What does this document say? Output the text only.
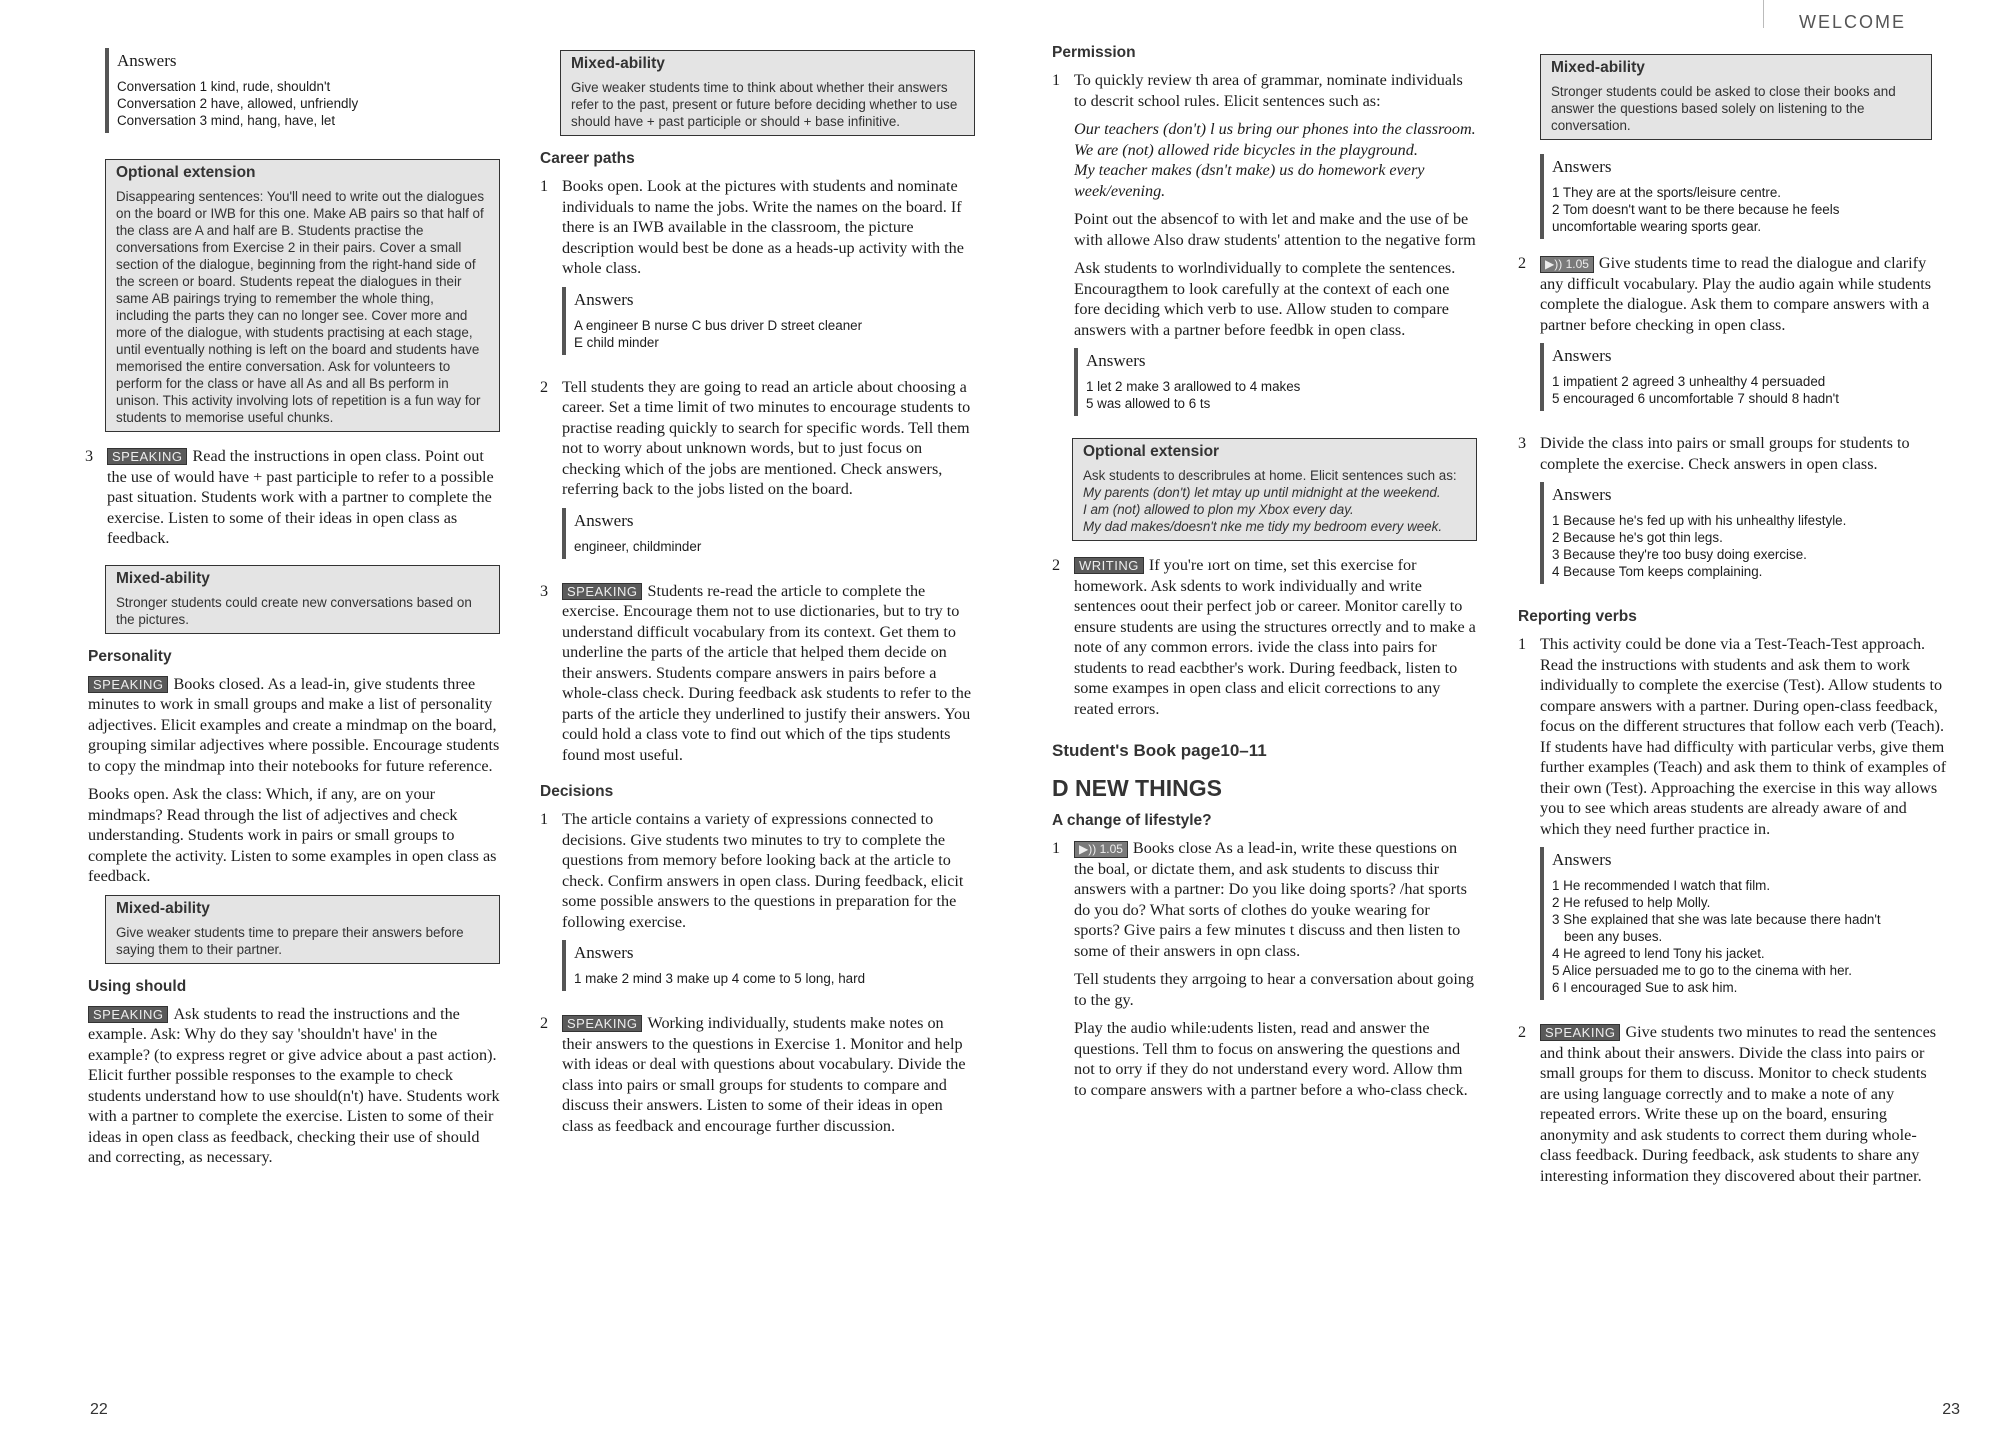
WELCOME
Answers
Conversation 1 kind, rude, shouldn't
Conversation 2 have, allowed, unfriendly
Conversation 3 mind, hang, have, let
Optional extension

Disappearing sentences: You'll need to write out the dialogues on the board or IWB for this one. Make AB pairs so that half of the class are A and half are B. Students practise the conversations from Exercise 2 in their pairs. Cover a small section of the dialogue, beginning from the right-hand side of the screen or board. Students repeat the dialogues in their same AB pairings trying to remember the whole thing, including the parts they can no longer see. Cover more and more of the dialogue, with students practising at each stage, until eventually nothing is left on the board and students have memorised the entire conversation. Ask for volunteers to perform for the class or have all As and all Bs perform in unison. This activity involving lots of repetition is a fun way for students to memorise useful chunks.

3	SPEAKING Read the instructions in open class. Point out the use of would have + past participle to refer to a possible past situation. Students work with a partner to complete the exercise. Listen to some of their ideas in open class as feedback.

Mixed-ability

Stronger students could create new conversations based on the pictures.

Personality

SPEAKING Books closed. As a lead-in, give students three minutes to work in small groups and make a list of personality adjectives. Elicit examples and create a mindmap on the board, grouping similar adjectives where possible. Encourage students to copy the mindmap into their notebooks for future reference.

Books open. Ask the class: Which, if any, are on your mindmaps? Read through the list of adjectives and check understanding. Students work in pairs or small groups to complete the activity. Listen to some examples in open class as feedback.

Mixed-ability

Give weaker students time to prepare their answers before saying them to their partner.

Using should

SPEAKING Ask students to read the instructions and the example. Ask: Why do they say 'shouldn't have' in the example? (to express regret or give advice about a past action). Elicit further possible responses to the example to check students understand how to use should(n't) have. Students work with a partner to complete the exercise. Listen to some of their ideas in open class as feedback, checking their use of should and correcting, as necessary.

Mixed-ability

Give weaker students time to think about whether their answers refer to the past, present or future before deciding whether to use should have + past participle or should + base infinitive.

Career paths
1 Books open. Look at the pictures with students and nominate individuals to name the jobs. Write the names on the board. If there is an IWB available in the classroom, the picture description would best be done as a heads-up activity with the whole class.

Answers
A engineer B nurse C bus driver D street cleaner
E child minder
2 Tell students they are going to read an article about choosing a career. Set a time limit of two minutes to encourage students to practise reading quickly to search for specific words. Tell them not to worry about unknown words, but to just focus on checking which of the jobs are mentioned. Check answers, referring back to the jobs listed on the board.

Answers
engineer, childminder
3	SPEAKING Students re-read the article to complete the exercise. Encourage them not to use dictionaries, but to try to understand difficult vocabulary from its context. Get them to underline the parts of the article that helped them decide on their answers. Students compare answers in pairs before a whole-class check. During feedback ask students to refer to the parts of the article they underlined to justify their answers. You could hold a class vote to find out which of the tips students found most useful.

Decisions
1 The article contains a variety of expressions connected to decisions. Give students two minutes to try to complete the questions from memory before looking back at the article to check. Confirm answers in open class. During feedback, elicit some possible answers to the questions in preparation for the following exercise.

Answers
1 make 2 mind 3 make up 4 come to 5 long, hard
2	SPEAKING Working individually, students make notes on their answers to the questions in Exercise 1. Monitor and help with ideas or deal with questions about vocabulary. Divide the class into pairs or small groups for students to compare and discuss their answers. Listen to some of their ideas in open class as feedback and encourage further discussion.

Permission
1 To quickly review th area of grammar, nominate individuals to descrit school rules. Elicit sentences such as:

Our teachers (don't) l us bring our phones into the classroom.

We are (not) allowed ride bicycles in the playground.

My teacher makes (dsn't make) us do homework every week/evening.

Point out the absencof to with let and make and the use of be with allowe Also draw students' attention to the negative form

Ask students to worlndividually to complete the sentences. Encouragthem to look carefully at the context of each one fore deciding which verb to use. Allow studen to compare answers with a partner before feedbk in open class.

Answers
1 let 2 make 3 arallowed to 4 makes
5 was allowed to 6 ts
Optional extensior

Ask students to describrules at home. Elicit sentences such as:

My parents (don't) let mtay up until midnight at the weekend.

I am (not) allowed to plon my Xbox every day.

My dad makes/doesn't nke me tidy my bedroom every week.

2	WRITING If you're ıort on time, set this exercise for homework. Ask sdents to work individually and write sentences oout their perfect job or career. Monitor carelly to ensure students are using the structures orrectly and to make a note of any common errors. ivide the class into pairs for students to read eacbther's work. During feedback, listen to some exampes in open class and elicit corrections to any reated errors.

Student's Book page10–11
D NEW THINGS
A change of lifestyle?
1	▶)) 1.05 Books close As a lead-in, write these questions on the boal, or dictate them, and ask students to discuss thir answers with a partner: Do you like doing sports? /hat sports do you do? What sorts of clothes do youke wearing for sports? Give pairs a few minutes t discuss and then listen to some of their answers in opn class.

Tell students they arrgoing to hear a conversation about going to the gy.

Play the audio while:udents listen, read and answer the questions. Tell thm to focus on answering the questions and not to orry if they do not understand every word. Allow thm to compare answers with a partner before a who-class check.

Mixed-ability

Stronger students could be asked to close their books and answer the questions based solely on listening to the conversation.

Answers
1 They are at the sports/leisure centre.
2 Tom doesn't want to be there because he feels
uncomfortable wearing sports gear.
2	▶)) 1.05 Give students time to read the dialogue and clarify any difficult vocabulary. Play the audio again while students complete the dialogue. Ask them to compare answers with a partner before checking in open class.

Answers
1 impatient 2 agreed 3 unhealthy 4 persuaded
5 encouraged 6 uncomfortable 7 should 8 hadn't
3 Divide the class into pairs or small groups for students to complete the exercise. Check answers in open class.

Answers
1 Because he's fed up with his unhealthy lifestyle.
2 Because he's got thin legs.
3 Because they're too busy doing exercise.
4 Because Tom keeps complaining.
Reporting verbs
1 This activity could be done via a Test-Teach-Test approach. Read the instructions with students and ask them to work individually to complete the exercise (Test). Allow students to compare answers with a partner. During open-class feedback, focus on the different structures that follow each verb (Teach). If students have had difficulty with particular verbs, give them further examples (Teach) and ask them to think of examples of their own (Test). Approaching the exercise in this way allows you to see which areas students are already aware of and which they need further practice in.

Answers
1 He recommended I watch that film.
2 He refused to help Molly.
3 She explained that she was late because there hadn't
been any buses.
4 He agreed to lend Tony his jacket.
5 Alice persuaded me to go to the cinema with her.
6 I encouraged Sue to ask him.
2	SPEAKING Give students two minutes to read the sentences and think about their answers. Divide the class into pairs or small groups for them to discuss. Monitor to check students are using language correctly and to make a note of any repeated errors. Write these up on the board, ensuring anonymity and ask students to correct them during whole-class feedback. During feedback, ask students to share any interesting information they discovered about their partner.

22	23
